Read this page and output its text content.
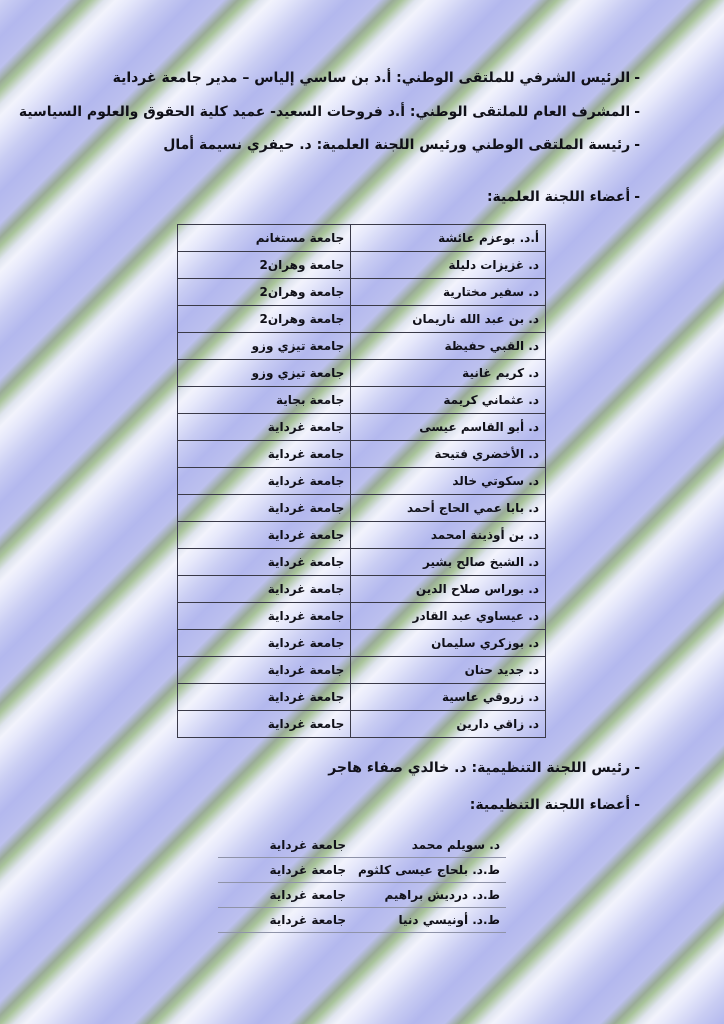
-الرئيس الشرفي للملتقى الوطني: أ.د بن ساسي إلياس – مدير جامعة غرداية

-المشرف العام للملتقى الوطني: أ.د فروحات السعيد- عميد كلية الحقوق والعلوم السياسية

-رئيسة الملتقى الوطني ورئيس اللجنة العلمية: د. حيفري نسيمة أمال

-أعضاء اللجنة العلمية:

أ.د. بوعزم عائشة	جامعة مستغانم
د. غزيزات دليلة	جامعة وهران2
د. سفير مختارية	جامعة وهران2
د. بن عبد الله ناريمان	جامعة وهران2
د. القبي حفيظة	جامعة تيزي وزو
د. كريم غانية	جامعة تيزي وزو
د. عثماني كريمة	جامعة بجاية
د. أبو القاسم عيسى	جامعة غرداية
د. الأخضري فتيحة	جامعة غرداية
د. سكوتي خالد	جامعة غرداية
د. بابا عمي الحاج أحمد	جامعة غرداية
د. بن أوذينة امحمد	جامعة غرداية
د. الشيخ صالح بشير	جامعة غرداية
د. بوراس صلاح الدين	جامعة غرداية
د. عيساوي عبد القادر	جامعة غرداية
د. بوزكري سليمان	جامعة غرداية
د. جديد حنان	جامعة غرداية
د. زروقي عاسية	جامعة غرداية
د. زاقي دارين	جامعة غرداية

-رئيس اللجنة التنظيمية: د. خالدي صفاء هاجر

-أعضاء اللجنة التنظيمية:

د. سويلم محمد	جامعة غرداية
ط.د. بلحاج عيسى كلثوم	جامعة غرداية
ط.د. درديش براهيم	جامعة غرداية
ط.د. أونيسي دنيا	جامعة غرداية
